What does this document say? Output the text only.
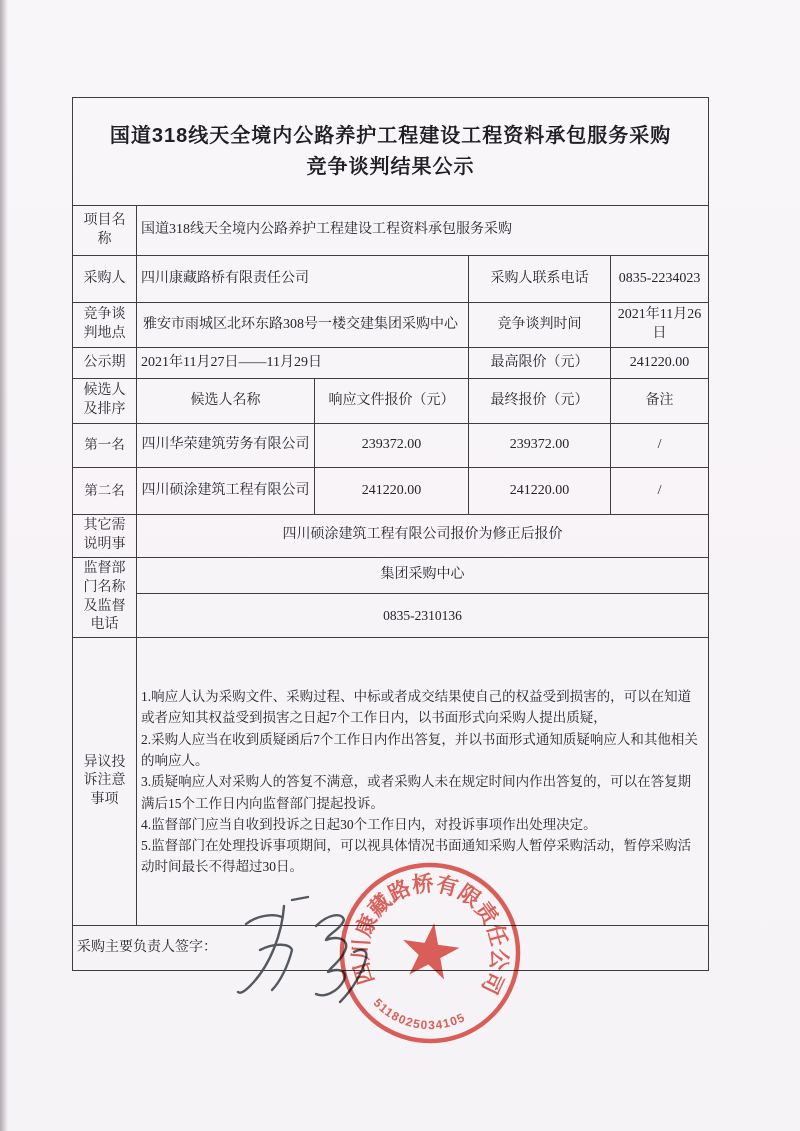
国道318线天全境内公路养护工程建设工程资料承包服务采购
竞争谈判结果公示				

项目名称	国道318线天全境内公路养护工程建设工程资料承包服务采购			
采购人	四川康藏路桥有限责任公司		采购人联系电话	0835-2234023
竞争谈判地点	雅安市雨城区北环东路308号一楼交建集团采购中心		竞争谈判时间	2021年11月26日
公示期	2021年11月27日——11月29日		最高限价（元）	241220.00
候选人及排序	候选人名称	响应文件报价（元）	最终报价（元）	备注
第一名	四川华荣建筑劳务有限公司	239372.00	239372.00	/
第二名	四川硕涂建筑工程有限公司	241220.00	241220.00	/
其它需说明事	四川硕涂建筑工程有限公司报价为修正后报价			
监督部门名称及监督电话	集团采购中心			
	0835-2310136			
异议投诉注意事项	1.响应人认为采购文件、采购过程、中标或者成交结果使自己的权益受到损害的，可以在知道或者应知其权益受到损害之日起7个工作日内，以书面形式向采购人提出质疑，
2.采购人应当在收到质疑函后7个工作日内作出答复，并以书面形式通知质疑响应人和其他相关的响应人。
3.质疑响应人对采购人的答复不满意，或者采购人未在规定时间内作出答复的，可以在答复期满后15个工作日内向监督部门提起投诉。
4.监督部门应当自收到投诉之日起30个工作日内，对投诉事项作出处理决定。
5.监督部门在处理投诉事项期间，可以视具体情况书面通知采购人暂停采购活动，暂停采购活动时间最长不得超过30日。			

采购主要负责人签字：				
四川康藏路桥有限责任公司
5118025034105
